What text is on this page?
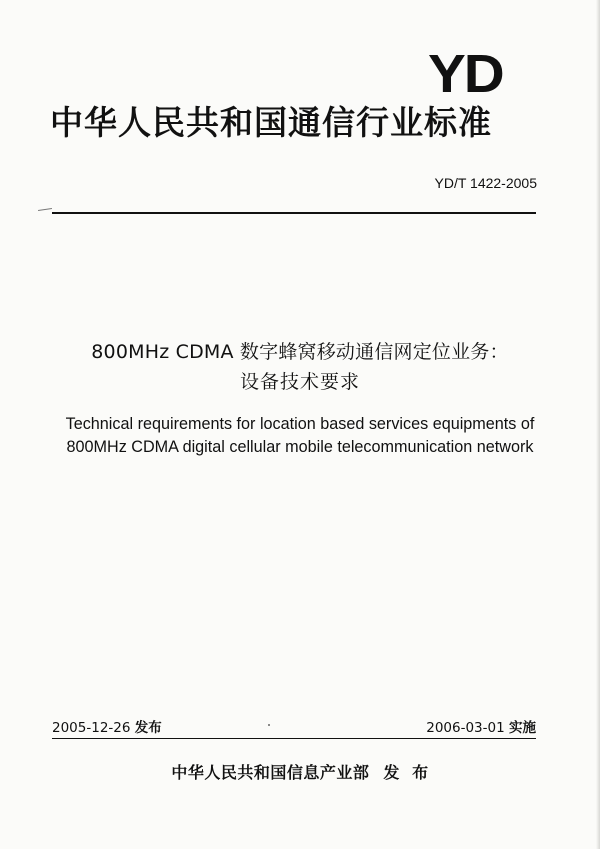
YD
中华人民共和国通信行业标准
YD/T 1422-2005
800MHz CDMA 数字蜂窝移动通信网定位业务：
设备技术要求
Technical requirements for location based services equipments of
800MHz CDMA digital cellular mobile telecommunication network
2005-12-26 发布	2006-03-01 实施
中华人民共和国信息产业部 发  布
